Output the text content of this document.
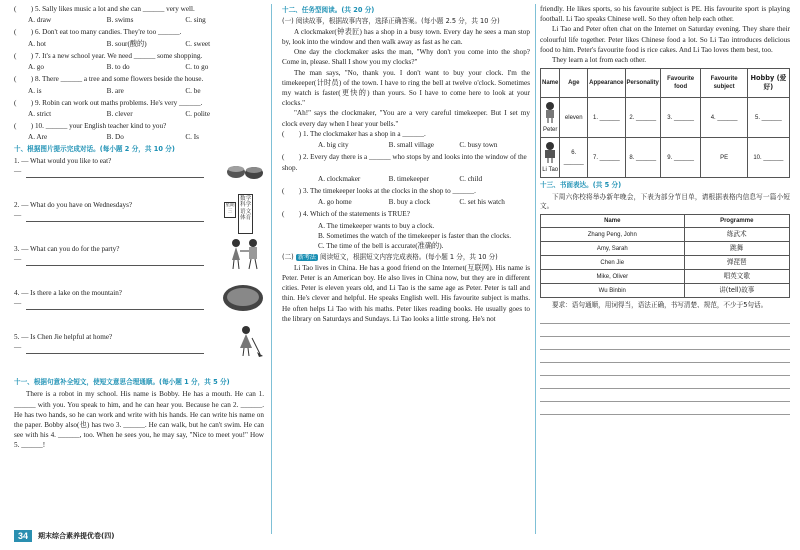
(　　) 5. Sally likes music a lot and she can ______ very well.

A. draw	B. swims	C. sing

(　　) 6. Don't eat too many candies. They're too ______.

A. hot	B. sour(酸的)	C. sweet

(　　) 7. It's a new school year. We need ______ some shopping.

A. go	B. to do	C. to go

(　　) 8. There ______ a tree and some flowers beside the house.

A. is	B. are	C. be

(　　) 9. Robin can work out maths problems. He's very ______.

A. strict	B. clever	C. polite

(　　) 10. ______ your English teacher kind to you?

A. Are	B. Do	C. Is
十、根据图片提示完成对话。(每小题 2 分，共 10 分)

1. — What would you like to eat?

—

2. — What do you have on Wednesdays?

—

星期三
数学
科学
语文
体育

3. — What can you do for the party?

—

4. — Is there a lake on the mountain?

—

5. — Is Chen Jie helpful at home?

—

十一、根据句意补全短文，使短文意思合理通顺。(每小题 1 分，共 5 分)

There is a robot in my school. His name is Bobby. He has a mouth. He can 1. ______ with you. You speak to him, and he can hear you. Because he can 2. ______. He has two hands, so he can work and write with his hands. He can write his name on the paper. Bobby also(也) has two 3. ______. He can walk, but he can't swim. He can see with his 4. ______, too. When he sees you, he may say, "Nice to meet you!" How 5. ______!

十二、任务型阅读。(共 20 分)

(一) 阅读故事，根据故事内容，选择正确答案。(每小题 2.5 分，共 10 分)

A clockmaker(钟表匠) has a shop in a busy town. Every day he sees a man stop by, look into the window and then walk away as fast as he can.

One day the clockmaker asks the man, "Why don't you come into the shop? Come in, please. Shall I show you my clocks?"

The man says, "No, thank you. I don't want to buy your clock. I'm the timekeeper(计时员) of the town. I have to ring the bell at twelve o'clock. Sometimes my watch is faster(更快的) than yours. So I have to come here to look at your clocks."

"Ah!" says the clockmaker, "You are a very careful timekeeper. But I set my clock every day when I hear your bells."

(　　) 1. The clockmaker has a shop in a ______.

A. big city	B. small village	C. busy town

(　　) 2. Every day there is a ______ who stops by and looks into the window of the shop.

A. clockmaker	B. timekeeper	C. child

(　　) 3. The timekeeper looks at the clocks in the shop to ______.

A. go home	B. buy a clock	C. set his watch

(　　) 4. Which of the statements is TRUE?

A. The timekeeper wants to buy a clock.

B. Sometimes the watch of the timekeeper is faster than the clocks.

C. The time of the bell is accurate(准确的).

(二) 新考法 阅读短文，根据短文内容完成表格。(每小题 1 分，共 10 分)

Li Tao lives in China. He has a good friend on the Internet(互联网). His name is Peter. Peter is an American boy. He also lives in China now, but they are in different cities. Peter is eleven years old, and Li Tao is the same age as Peter. Peter is tall and thin. He's clever and helpful. He speaks English well. His favourite subject is maths. He often helps Li Tao with his maths. Peter likes reading books. He usually goes to the library on Saturdays and Sundays. Li Tao looks a little strong. He's not

friendly. He likes sports, so his favourite subject is PE. His favourite sport is playing football. Li Tao speaks Chinese well. So they often help each other.

Li Tao and Peter often chat on the Internet on Saturday evening. They share their colourful life together. Peter likes Chinese food a lot. So Li Tao introduces delicious food to him. Peter's favourite food is rice cakes. And Li Tao loves them best, too.

They learn a lot from each other.

Name	Age	Appearance	Personality	Favourite food	Favourite subject	Hobby (爱好)

Peter	eleven	1. ______	2. ______	3. ______	4. ______	5. ______

Li Tao	6. ______	7. ______	8. ______	9. ______	PE	10. ______
十三、书面表达。(共 5 分)

下周六你校将举办新年晚会，下表为部分节目单，请根据表格内信息写一篇小短文。

Name	Programme
Zhang Peng, John	练武术
Amy, Sarah	跳舞
Chen Jie	弹琵琶
Mike, Oliver	唱英文歌
Wu Binbin	讲(tell)故事

要求：语句通顺，用词得当，语法正确，书写清楚、规范，不少于5句话。

34	期末综合素养提优卷(四)
